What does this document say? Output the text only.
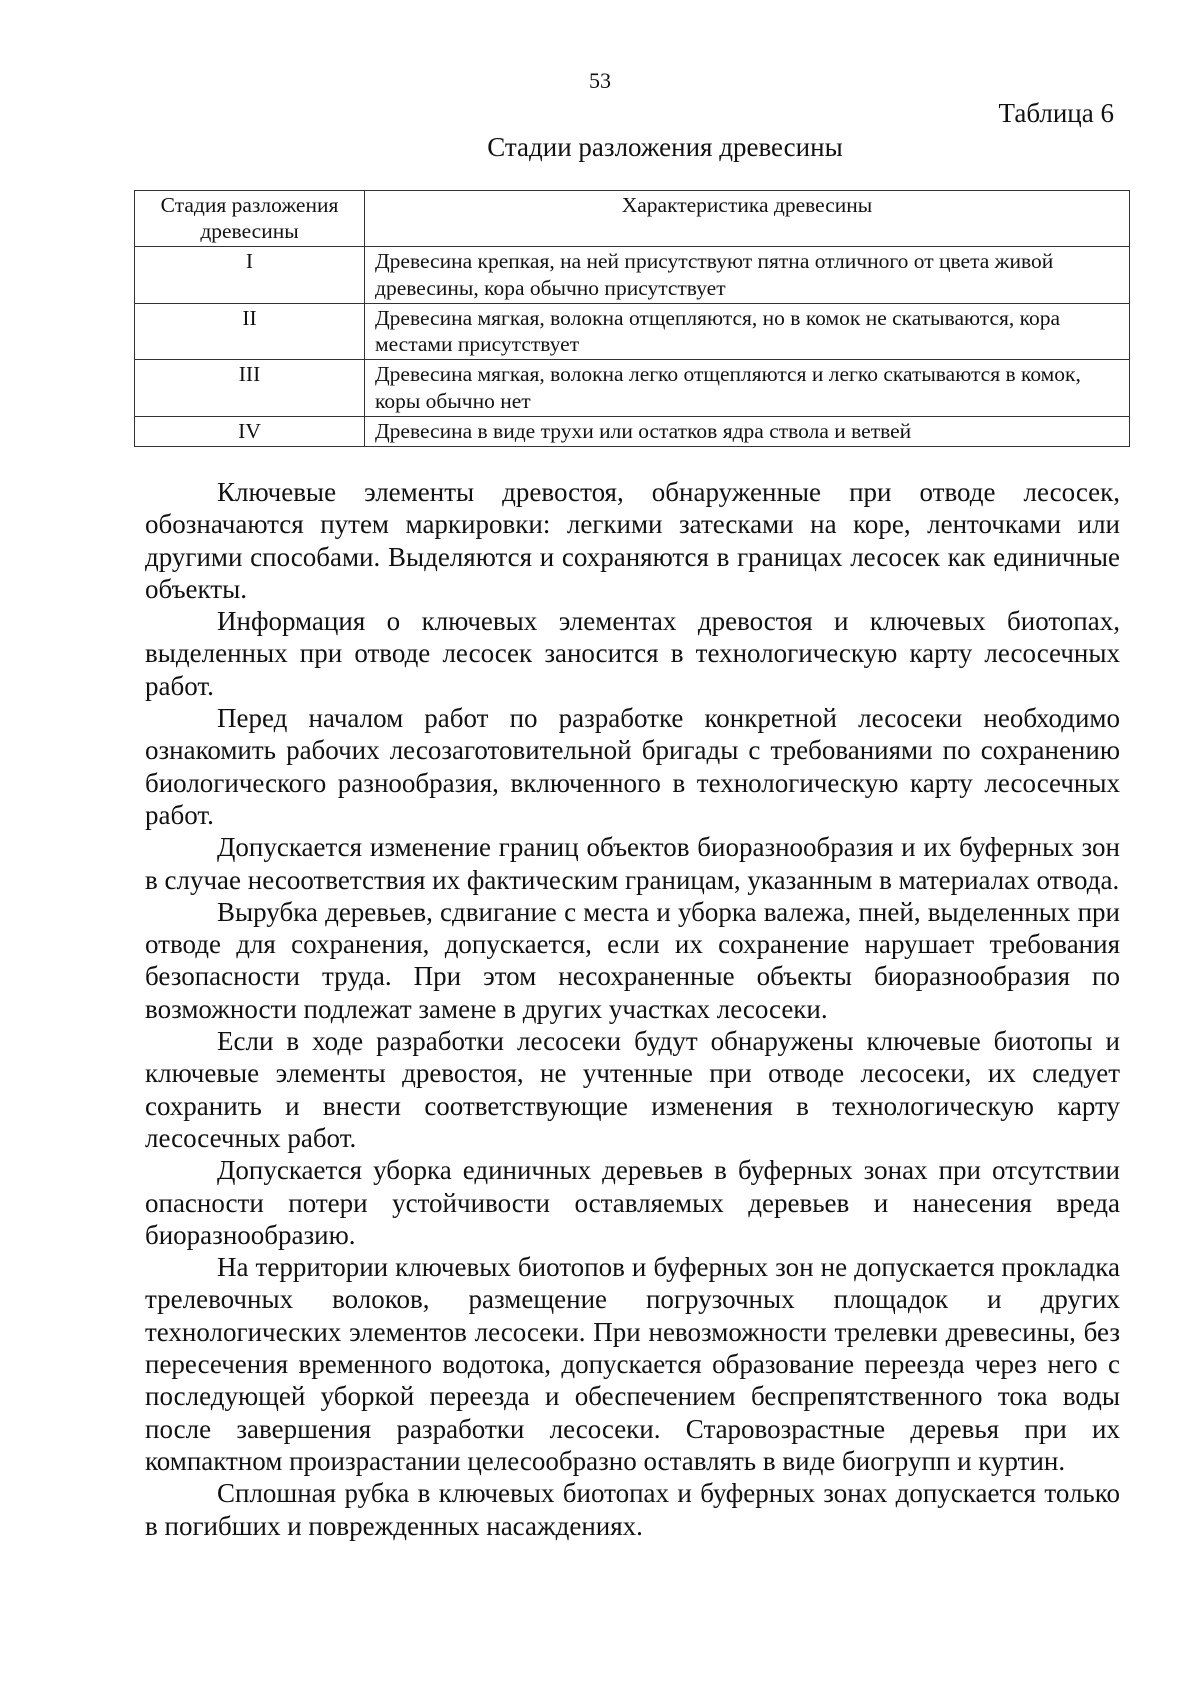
53
Таблица 6
Стадии разложения древесины
Стадия разложения древесины	Характеристика древесины
I	Древесина крепкая, на ней присутствуют пятна отличного от цвета живой древесины, кора обычно присутствует
II	Древесина мягкая, волокна отщепляются, но в комок не скатываются, кора местами присутствует
III	Древесина мягкая, волокна легко отщепляются и легко скатываются в комок, коры обычно нет
IV	Древесина в виде трухи или остатков ядра ствола и ветвей

Ключевые элементы древостоя, обнаруженные при отводе лесосек, обозначаются путем маркировки: легкими затесками на коре, ленточками или другими способами. Выделяются и сохраняются в границах лесосек как единичные объекты.

Информация о ключевых элементах древостоя и ключевых биотопах, выделенных при отводе лесосек заносится в технологическую карту лесосечных работ.

Перед началом работ по разработке конкретной лесосеки необходимо ознакомить рабочих лесозаготовительной бригады с требованиями по сохранению биологического разнообразия, включенного в технологическую карту лесосечных работ.

Допускается изменение границ объектов биоразнообразия и их буферных зон в случае несоответствия их фактическим границам, указанным в материалах отвода.

Вырубка деревьев, сдвигание с места и уборка валежа, пней, выделенных при отводе для сохранения, допускается, если их сохранение нарушает требования безопасности труда. При этом несохраненные объекты биоразнообразия по возможности подлежат замене в других участках лесосеки.

Если в ходе разработки лесосеки будут обнаружены ключевые биотопы и ключевые элементы древостоя, не учтенные при отводе лесосеки, их следует сохранить и внести соответствующие изменения в технологическую карту лесосечных работ.

Допускается уборка единичных деревьев в буферных зонах при отсутствии опасности потери устойчивости оставляемых деревьев и нанесения вреда биоразнообразию.

На территории ключевых биотопов и буферных зон не допускается прокладка трелевочных волоков, размещение погрузочных площадок и других технологических элементов лесосеки. При невозможности трелевки древесины, без пересечения временного водотока, допускается образование переезда через него с последующей уборкой переезда и обеспечением беспрепятственного тока воды после завершения разработки лесосеки. Старовозрастные деревья при их компактном произрастании целесообразно оставлять в виде биогрупп и куртин.

Сплошная рубка в ключевых биотопах и буферных зонах допускается только в погибших и поврежденных насаждениях.
